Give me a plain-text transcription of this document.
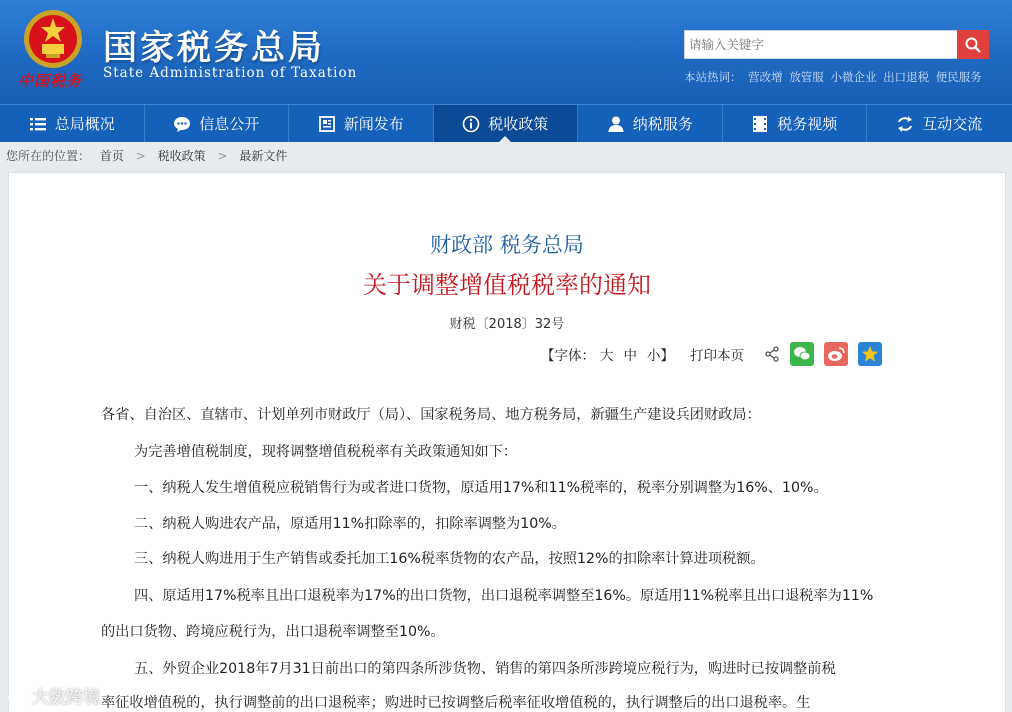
中国税务
国家税务总局
State Administration of Taxation
请输入关键字	本站热词： 营改增 放管服 小微企业 出口退税 便民服务
总局概况	信息公开	新闻发布	税收政策	纳税服务	税务视频	互动交流
您所在的位置： 首页 > 税收政策 > 最新文件
财政部 税务总局
关于调整增值税税率的通知
财税〔2018〕32号
【字体： 大 中 小 】 打印本页
各省、自治区、直辖市、计划单列市财政厅（局）、国家税务局、地方税务局，新疆生产建设兵团财政局：
为完善增值税制度，现将调整增值税税率有关政策通知如下：
一、纳税人发生增值税应税销售行为或者进口货物，原适用17%和11%税率的，税率分别调整为16%、10%。
二、纳税人购进农产品，原适用11%扣除率的，扣除率调整为10%。
三、纳税人购进用于生产销售或委托加工16%税率货物的农产品，按照12%的扣除率计算进项税额。
四、原适用17%税率且出口退税率为17%的出口货物，出口退税率调整至16%。原适用11%税率且出口退税率为11%
的出口货物、跨境应税行为，出口退税率调整至10%。
五、外贸企业2018年7月31日前出口的第四条所涉货物、销售的第四条所涉跨境应税行为，购进时已按调整前税
率征收增值税的，执行调整前的出口退税率；购进时已按调整后税率征收增值税的，执行调整后的出口退税率。生
大数跨境
